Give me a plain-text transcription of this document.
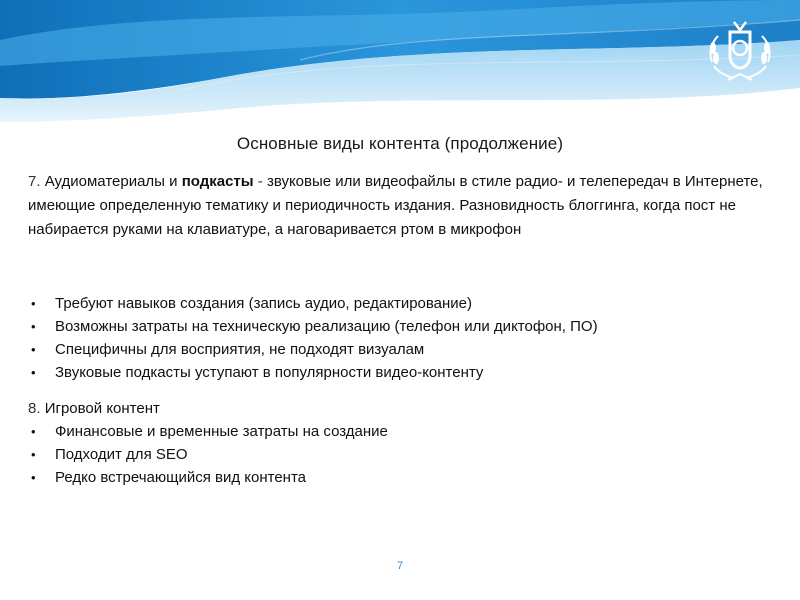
Основные виды контента (продолжение)
7. Аудиоматериалы и подкасты - звуковые или видеофайлы в стиле радио- и телепередач в Интернете, имеющие определенную тематику и периодичность издания. Разновидность блоггинга, когда пост не набирается руками на клавиатуре, а наговаривается ртом в микрофон
• Требуют навыков создания (запись аудио, редактирование)
• Возможны затраты на техническую реализацию (телефон или диктофон, ПО)
• Специфичны для восприятия, не подходят визуалам
• Звуковые подкасты уступают в популярности видео-контенту
8. Игровой контент
• Финансовые и временные затраты на создание
• Подходит для SEO
• Редко встречающийся вид контента
7
